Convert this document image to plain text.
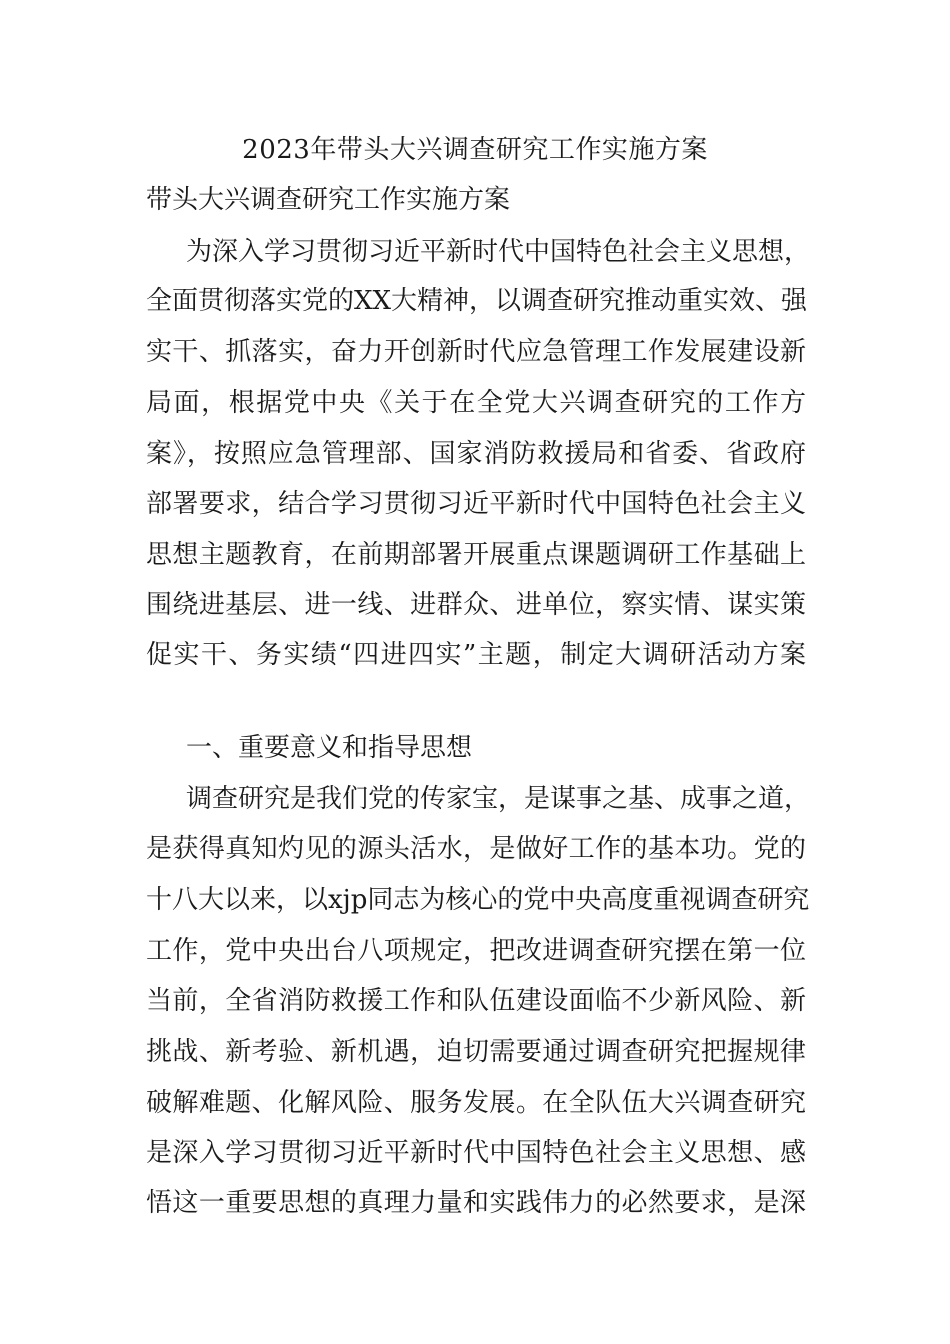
2023年带头大兴调查研究工作实施方案
带头大兴调查研究工作实施方案
为深入学习贯彻习近平新时代中国特色社会主义思想，
全面贯彻落实党的XX大精神，以调查研究推动重实效、强
实干、抓落实，奋力开创新时代应急管理工作发展建设新
局面，根据党中央《关于在全党大兴调查研究的工作方
案》，按照应急管理部、国家消防救援局和省委、省政府
部署要求，结合学习贯彻习近平新时代中国特色社会主义
思想主题教育，在前期部署开展重点课题调研工作基础上
围绕进基层、进一线、进群众、进单位，察实情、谋实策
促实干、务实绩“四进四实”主题，制定大调研活动方案
一、重要意义和指导思想
调查研究是我们党的传家宝，是谋事之基、成事之道，
是获得真知灼见的源头活水，是做好工作的基本功。党的
十八大以来，以xjp同志为核心的党中央高度重视调查研究
工作，党中央出台八项规定，把改进调查研究摆在第一位
当前，全省消防救援工作和队伍建设面临不少新风险、新
挑战、新考验、新机遇，迫切需要通过调查研究把握规律
破解难题、化解风险、服务发展。在全队伍大兴调查研究
是深入学习贯彻习近平新时代中国特色社会主义思想、感
悟这一重要思想的真理力量和实践伟力的必然要求，是深
